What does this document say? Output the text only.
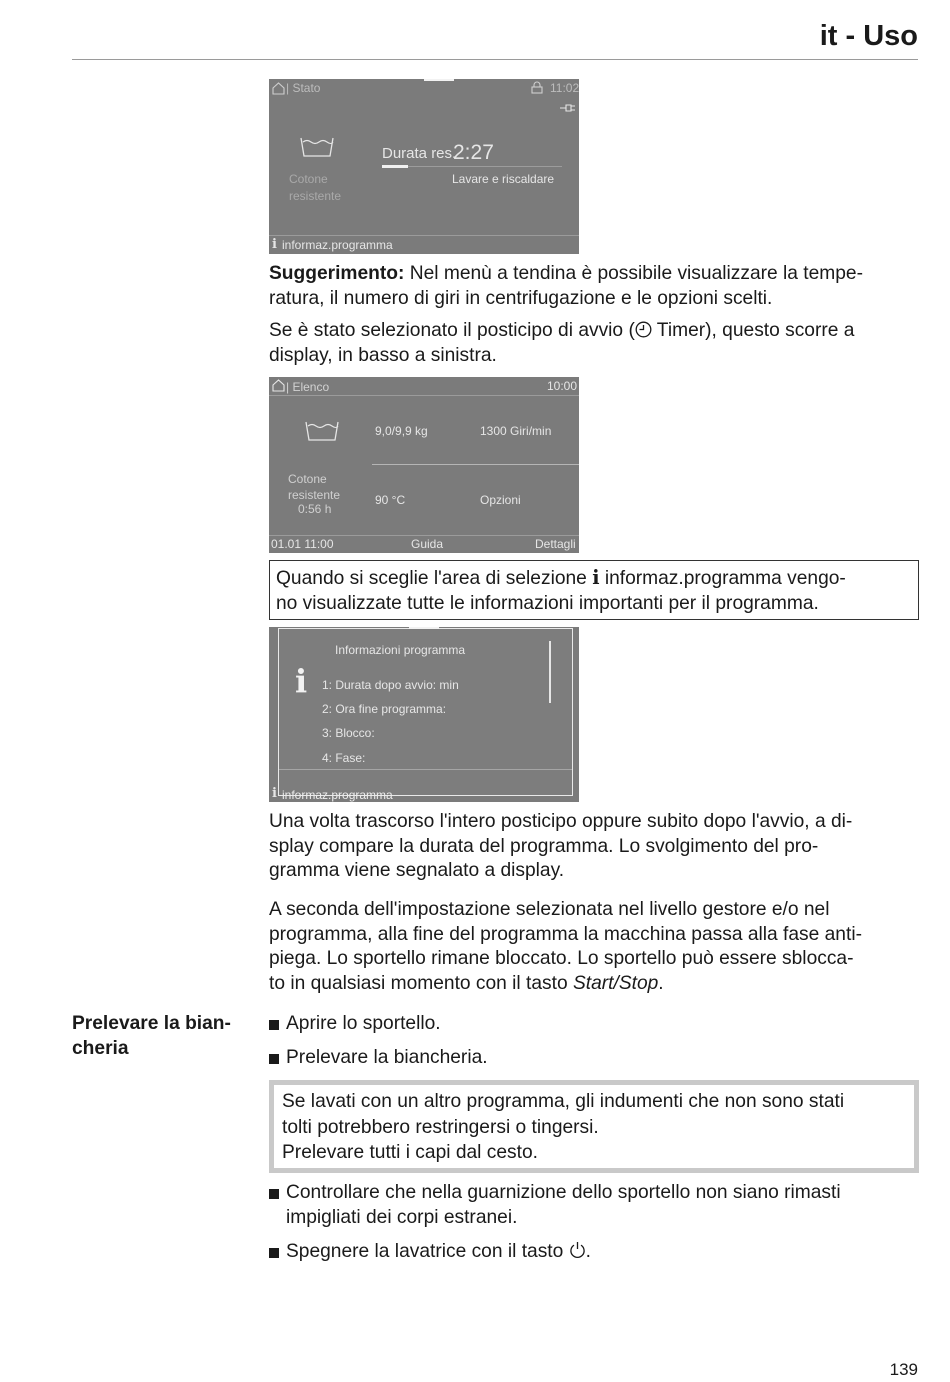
it - Uso
| Stato	11:02
Cotone
resistente
Durata res.
2:27
Lavare e riscaldare
i informaz.programma
Suggerimento: Nel menù a tendina è possibile visualizzare la tempe-
ratura, il numero di giri in centrifugazione e le opzioni scelti.
Se è stato selezionato il posticipo di avvio ( Timer), questo scorre a
display, in basso a sinistra.
| Elenco	10:00
9,0/9,9 kg	1300 Giri/min
Cotone
resistente
0:56 h
90 °C	Opzioni
01.01 11:00	Guida	Dettagli
Quando si sceglie l'area di selezione i informaz.programma vengo-
no visualizzate tutte le informazioni importanti per il programma.
Informazioni programma
i 1: Durata dopo avvio: min
2: Ora fine programma:
3: Blocco:
4: Fase:
i informaz.programma
Una volta trascorso l'intero posticipo oppure subito dopo l'avvio, a di-
splay compare la durata del programma. Lo svolgimento del pro-
gramma viene segnalato a display.
A seconda dell'impostazione selezionata nel livello gestore e/o nel
programma, alla fine del programma la macchina passa alla fase anti-
piega. Lo sportello rimane bloccato. Lo sportello può essere sblocca-
to in qualsiasi momento con il tasto Start/Stop.
Prelevare la bian-
cheria
Aprire lo sportello.
Prelevare la biancheria.
Se lavati con un altro programma, gli indumenti che non sono stati
tolti potrebbero restringersi o tingersi.
Prelevare tutti i capi dal cesto.
Controllare che nella guarnizione dello sportello non siano rimasti
impigliati dei corpi estranei.
Spegnere la lavatrice con il tasto .
139
